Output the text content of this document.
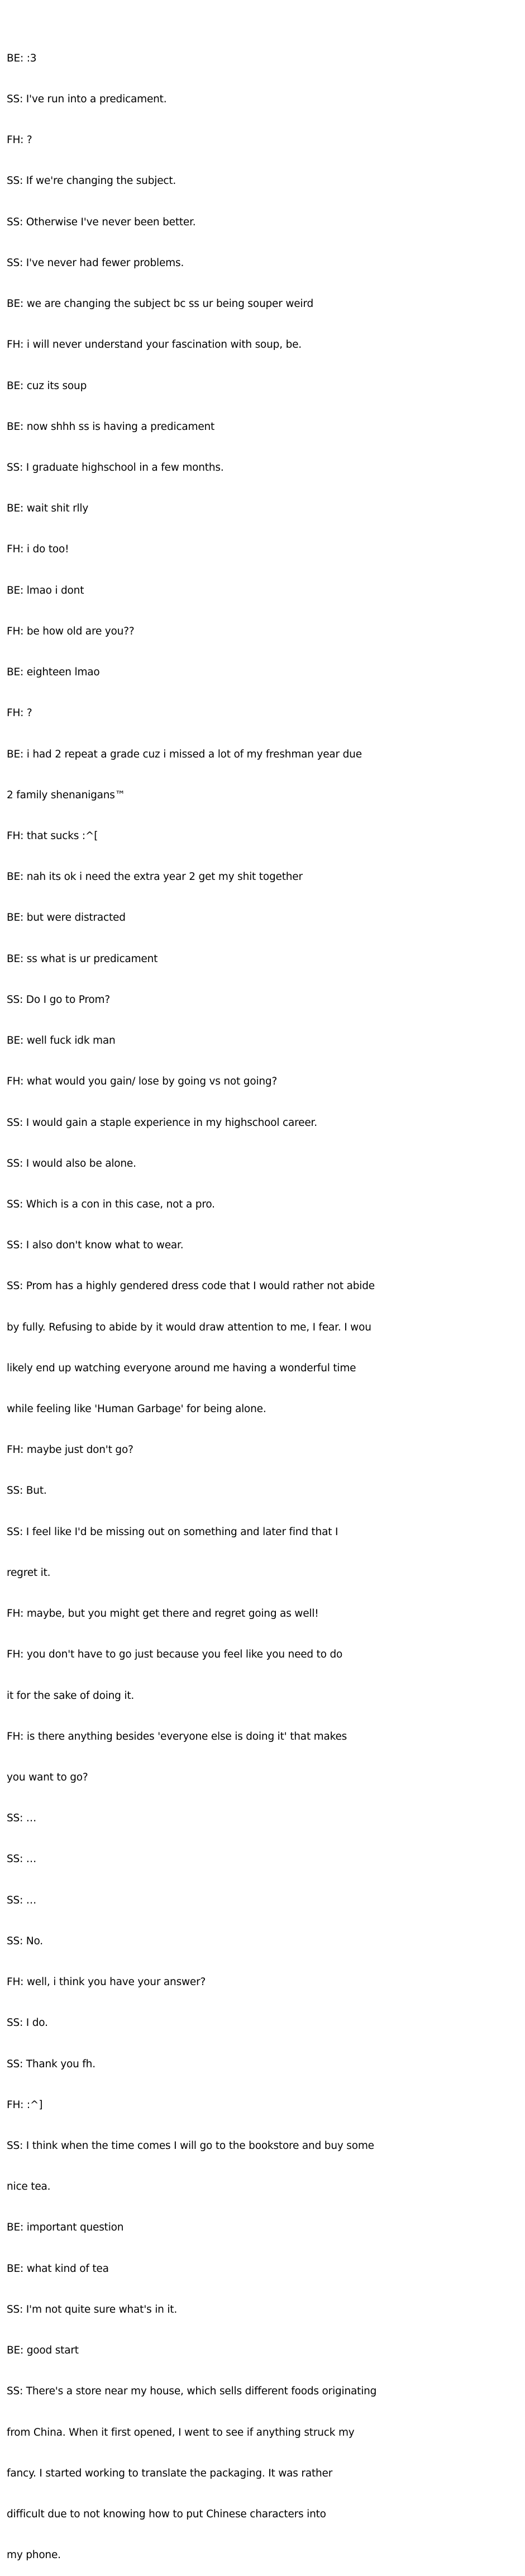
BE: :3

SS: I've run into a predicament.

FH: ?

SS: If we're changing the subject.

SS: Otherwise I've never been better.

SS: I've never had fewer problems.

BE: we are changing the subject bc ss ur being souper weird

FH: i will never understand your fascination with soup, be.

BE: cuz its soup

BE: now shhh ss is having a predicament

SS: I graduate highschool in a few months.

BE: wait shit rlly

FH: i do too!

BE: lmao i dont

FH: be how old are you??

BE: eighteen lmao

FH: ?

BE: i had 2 repeat a grade cuz i missed a lot of my freshman year due

2 family shenanigans™

FH: that sucks :^[

BE: nah its ok i need the extra year 2 get my shit together

BE: but were distracted

BE: ss what is ur predicament

SS: Do I go to Prom?

BE: well fuck idk man

FH: what would you gain/ lose by going vs not going?

SS: I would gain a staple experience in my highschool career.

SS: I would also be alone.

SS: Which is a con in this case, not a pro.

SS: I also don't know what to wear.

SS: Prom has a highly gendered dress code that I would rather not abide

by fully. Refusing to abide by it would draw attention to me, I fear. I wou

likely end up watching everyone around me having a wonderful time

while feeling like 'Human Garbage' for being alone.

FH: maybe just don't go?

SS: But.

SS: I feel like I'd be missing out on something and later find that I

regret it.

FH: maybe, but you might get there and regret going as well!

FH: you don't have to go just because you feel like you need to do

it for the sake of doing it.

FH: is there anything besides 'everyone else is doing it' that makes

you want to go?

SS: …

SS: …

SS: …

SS: No.

FH: well, i think you have your answer?

SS: I do.

SS: Thank you fh.

FH: :^]

SS: I think when the time comes I will go to the bookstore and buy some

nice tea.

BE: important question

BE: what kind of tea

SS: I'm not quite sure what's in it.

BE: good start

SS: There's a store near my house, which sells different foods originating

from China. When it first opened, I went to see if anything struck my

fancy. I started working to translate the packaging. It was rather

difficult due to not knowing how to put Chinese characters into

my phone.
